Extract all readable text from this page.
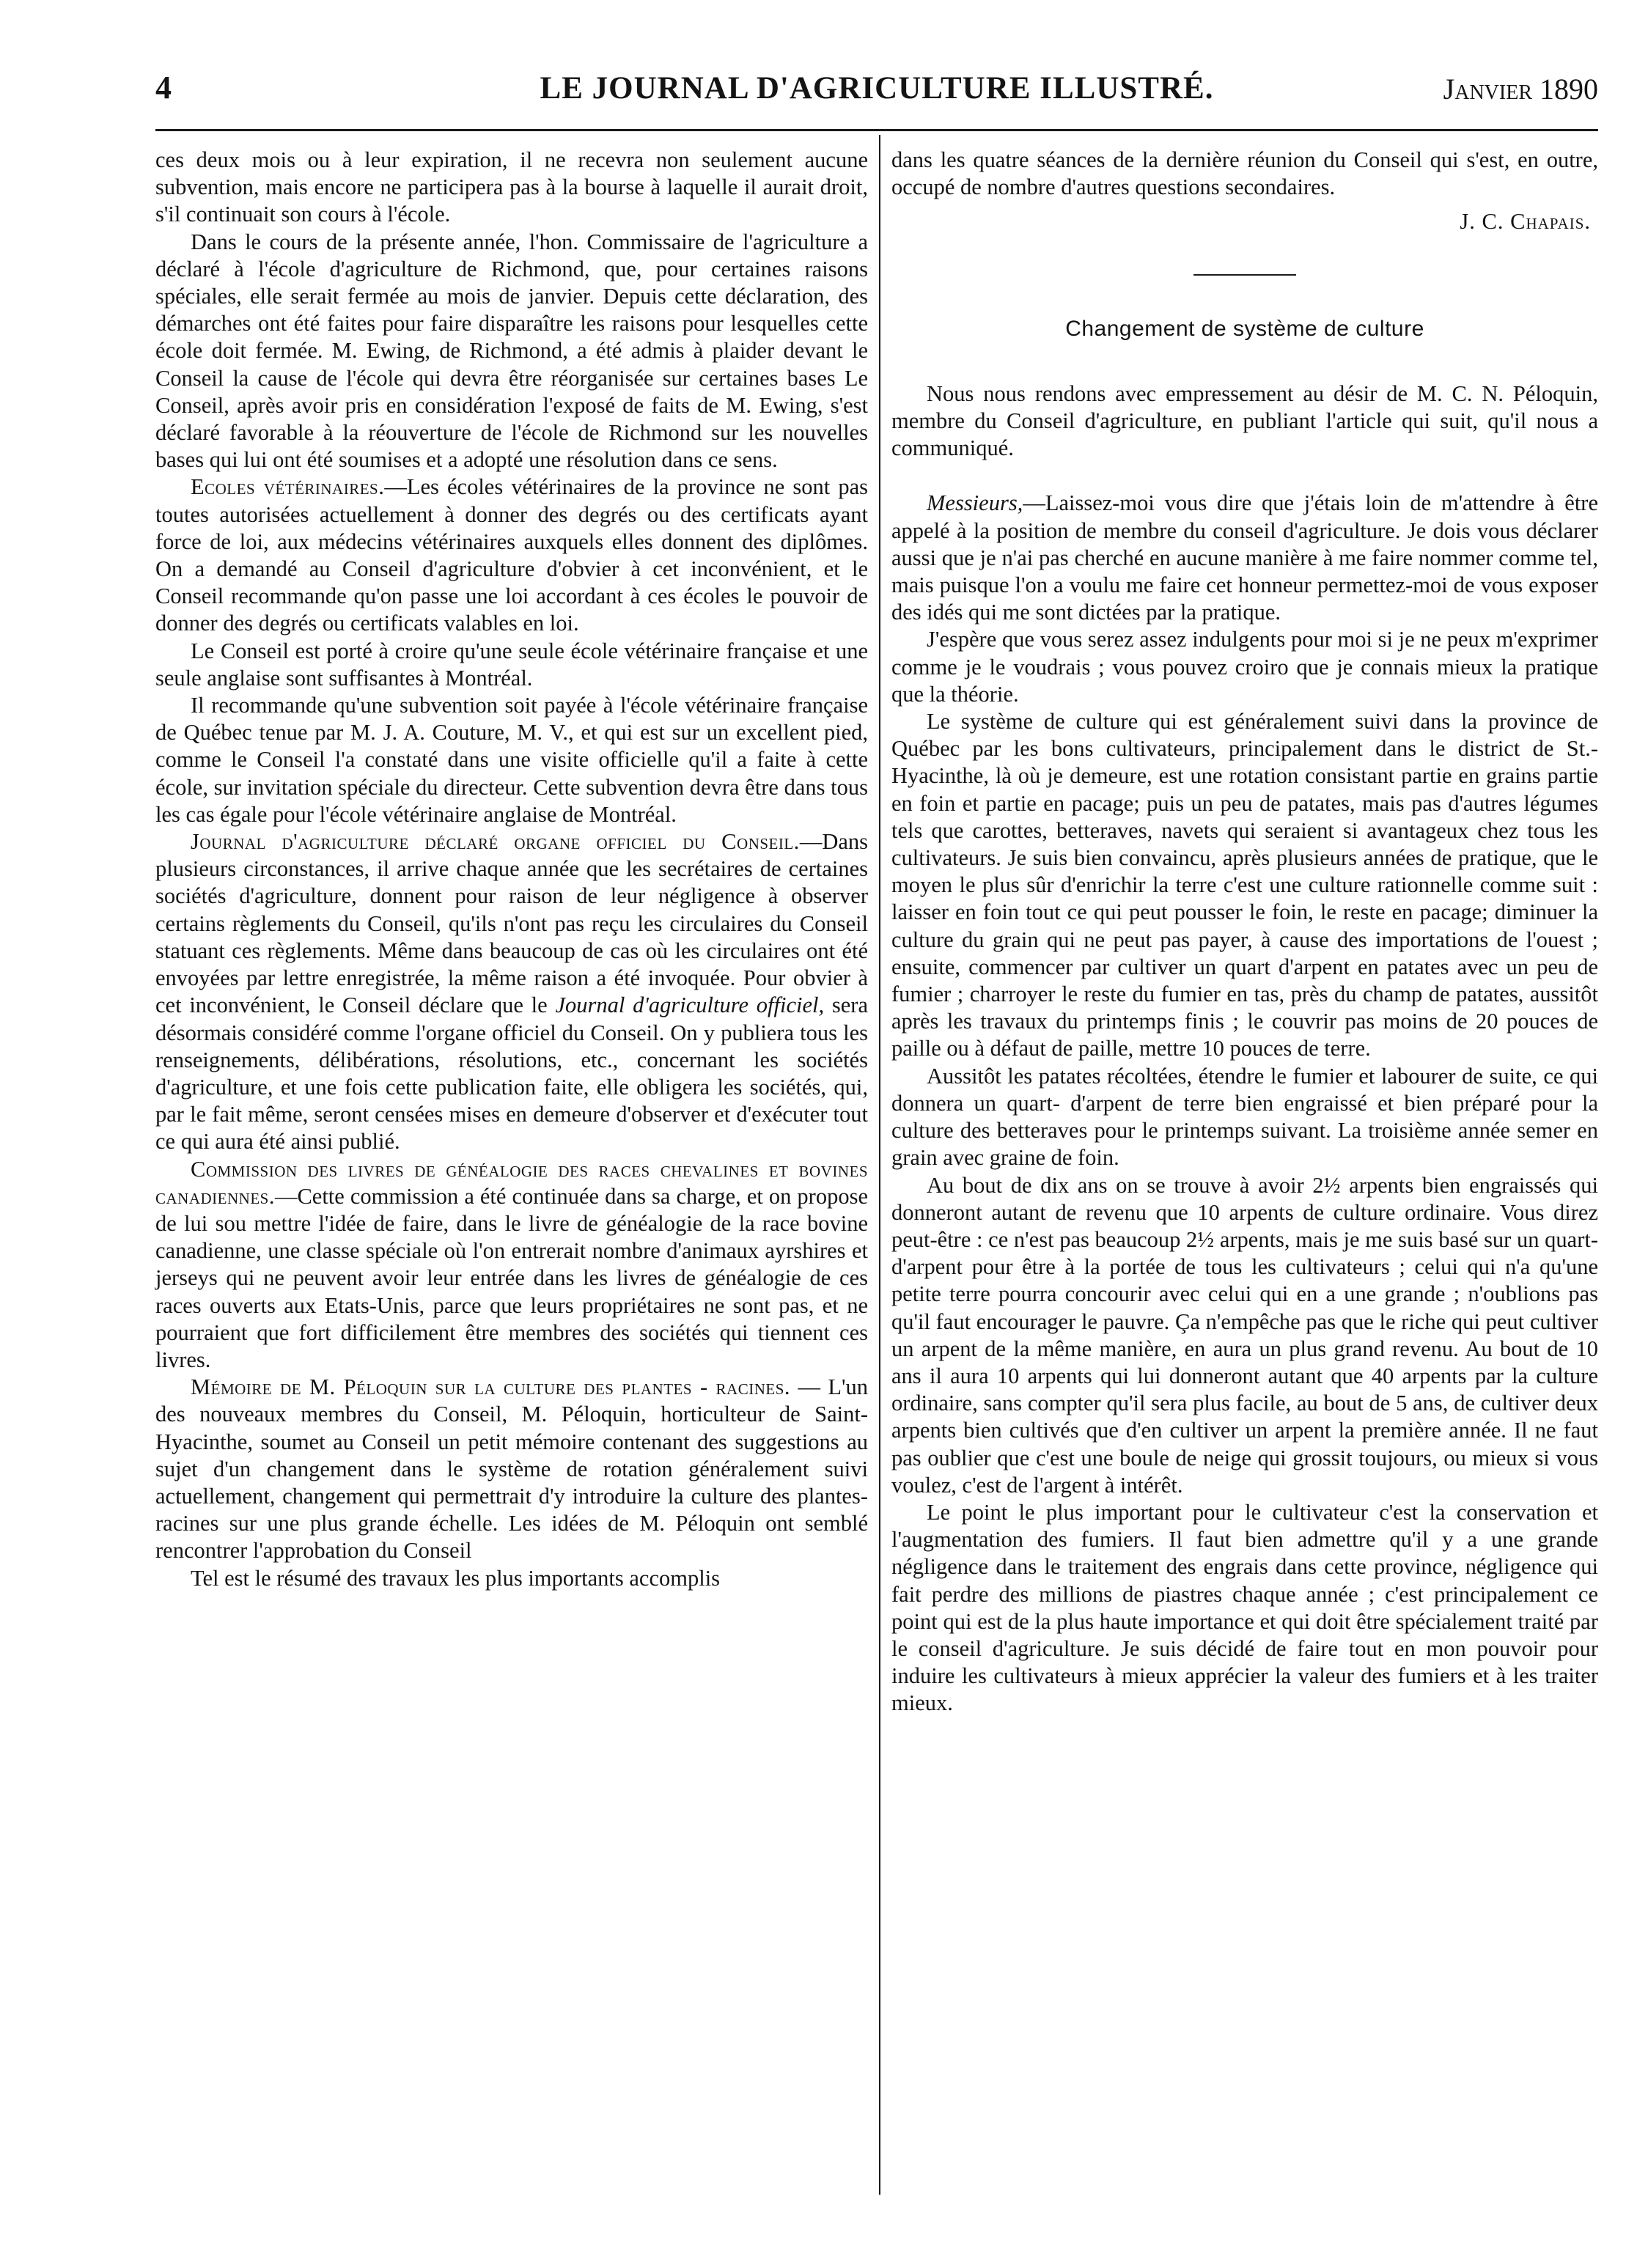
4	LE JOURNAL D'AGRICULTURE ILLUSTRÉ.	Janvier 1890

ces deux mois ou à leur expiration, il ne recevra non seulement aucune subvention, mais encore ne participera pas à la bourse à laquelle il aurait droit, s'il continuait son cours à l'école.

Dans le cours de la présente année, l'hon. Commissaire de l'agriculture a déclaré à l'école d'agriculture de Richmond, que, pour certaines raisons spéciales, elle serait fermée au mois de janvier. Depuis cette déclaration, des démarches ont été faites pour faire disparaître les raisons pour lesquelles cette école doit fermée. M. Ewing, de Richmond, a été admis à plaider devant le Conseil la cause de l'école qui devra être réorganisée sur certaines bases Le Conseil, après avoir pris en considération l'exposé de faits de M. Ewing, s'est déclaré favorable à la réouverture de l'école de Richmond sur les nouvelles bases qui lui ont été soumises et a adopté une résolution dans ce sens.

Ecoles vétérinaires.—Les écoles vétérinaires de la province ne sont pas toutes autorisées actuellement à donner des degrés ou des certificats ayant force de loi, aux médecins vétérinaires auxquels elles donnent des diplômes. On a demandé au Conseil d'agriculture d'obvier à cet inconvénient, et le Conseil recommande qu'on passe une loi accordant à ces écoles le pouvoir de donner des degrés ou certificats valables en loi.

Le Conseil est porté à croire qu'une seule école vétérinaire française et une seule anglaise sont suffisantes à Montréal.

Il recommande qu'une subvention soit payée à l'école vétérinaire française de Québec tenue par M. J. A. Couture, M. V., et qui est sur un excellent pied, comme le Conseil l'a constaté dans une visite officielle qu'il a faite à cette école, sur invitation spéciale du directeur. Cette subvention devra être dans tous les cas égale pour l'école vétérinaire anglaise de Montréal.

Journal d'agriculture déclaré organe officiel du Conseil.—Dans plusieurs circonstances, il arrive chaque année que les secrétaires de certaines sociétés d'agriculture, donnent pour raison de leur négligence à observer certains règlements du Conseil, qu'ils n'ont pas reçu les circulaires du Conseil statuant ces règlements. Même dans beaucoup de cas où les circulaires ont été envoyées par lettre enregistrée, la même raison a été invoquée. Pour obvier à cet inconvénient, le Conseil déclare que le Journal d'agriculture officiel, sera désormais considéré comme l'organe officiel du Conseil. On y publiera tous les renseignements, délibérations, résolutions, etc., concernant les sociétés d'agriculture, et une fois cette publication faite, elle obligera les sociétés, qui, par le fait même, seront censées mises en demeure d'observer et d'exécuter tout ce qui aura été ainsi publié.

Commission des livres de généalogie des races chevalines et bovines canadiennes.—Cette commission a été continuée dans sa charge, et on propose de lui sou mettre l'idée de faire, dans le livre de généalogie de la race bovine canadienne, une classe spéciale où l'on entrerait nombre d'animaux ayrshires et jerseys qui ne peuvent avoir leur entrée dans les livres de généalogie de ces races ouverts aux Etats-Unis, parce que leurs propriétaires ne sont pas, et ne pourraient que fort difficilement être membres des sociétés qui tiennent ces livres.

Mémoire de M. Péloquin sur la culture des plantes - racines. — L'un des nouveaux membres du Conseil, M. Péloquin, horticulteur de Saint-Hyacinthe, soumet au Conseil un petit mémoire contenant des suggestions au sujet d'un changement dans le système de rotation généralement suivi actuellement, changement qui permettrait d'y introduire la culture des plantes-racines sur une plus grande échelle. Les idées de M. Péloquin ont semblé rencontrer l'approbation du Conseil

Tel est le résumé des travaux les plus importants accomplis

dans les quatre séances de la dernière réunion du Conseil qui s'est, en outre, occupé de nombre d'autres questions secondaires.

J. C. Chapais.

Changement de système de culture

Nous nous rendons avec empressement au désir de M. C. N. Péloquin, membre du Conseil d'agriculture, en publiant l'article qui suit, qu'il nous a communiqué.

Messieurs,—Laissez-moi vous dire que j'étais loin de m'attendre à être appelé à la position de membre du conseil d'agriculture. Je dois vous déclarer aussi que je n'ai pas cherché en aucune manière à me faire nommer comme tel, mais puisque l'on a voulu me faire cet honneur permettez-moi de vous exposer des idés qui me sont dictées par la pratique.

J'espère que vous serez assez indulgents pour moi si je ne peux m'exprimer comme je le voudrais ; vous pouvez croiro que je connais mieux la pratique que la théorie.

Le système de culture qui est généralement suivi dans la province de Québec par les bons cultivateurs, principalement dans le district de St.-Hyacinthe, là où je demeure, est une rotation consistant partie en grains partie en foin et partie en pacage; puis un peu de patates, mais pas d'autres légumes tels que carottes, betteraves, navets qui seraient si avantageux chez tous les cultivateurs. Je suis bien convaincu, après plusieurs années de pratique, que le moyen le plus sûr d'enrichir la terre c'est une culture rationnelle comme suit : laisser en foin tout ce qui peut pousser le foin, le reste en pacage; diminuer la culture du grain qui ne peut pas payer, à cause des importations de l'ouest ; ensuite, commencer par cultiver un quart d'arpent en patates avec un peu de fumier ; charroyer le reste du fumier en tas, près du champ de patates, aussitôt après les travaux du printemps finis ; le couvrir pas moins de 20 pouces de paille ou à défaut de paille, mettre 10 pouces de terre.

Aussitôt les patates récoltées, étendre le fumier et labourer de suite, ce qui donnera un quart- d'arpent de terre bien engraissé et bien préparé pour la culture des betteraves pour le printemps suivant. La troisième année semer en grain avec graine de foin.

Au bout de dix ans on se trouve à avoir 2½ arpents bien engraissés qui donneront autant de revenu que 10 arpents de culture ordinaire. Vous direz peut-être : ce n'est pas beaucoup 2½ arpents, mais je me suis basé sur un quart- d'arpent pour être à la portée de tous les cultivateurs ; celui qui n'a qu'une petite terre pourra concourir avec celui qui en a une grande ; n'oublions pas qu'il faut encourager le pauvre. Ça n'empêche pas que le riche qui peut cultiver un arpent de la même manière, en aura un plus grand revenu. Au bout de 10 ans il aura 10 arpents qui lui donneront autant que 40 arpents par la culture ordinaire, sans compter qu'il sera plus facile, au bout de 5 ans, de cultiver deux arpents bien cultivés que d'en cultiver un arpent la première année. Il ne faut pas oublier que c'est une boule de neige qui grossit toujours, ou mieux si vous voulez, c'est de l'argent à intérêt.

Le point le plus important pour le cultivateur c'est la conservation et l'augmentation des fumiers. Il faut bien admettre qu'il y a une grande négligence dans le traitement des engrais dans cette province, négligence qui fait perdre des millions de piastres chaque année ; c'est principalement ce point qui est de la plus haute importance et qui doit être spécialement traité par le conseil d'agriculture. Je suis décidé de faire tout en mon pouvoir pour induire les cultivateurs à mieux apprécier la valeur des fumiers et à les traiter mieux.
